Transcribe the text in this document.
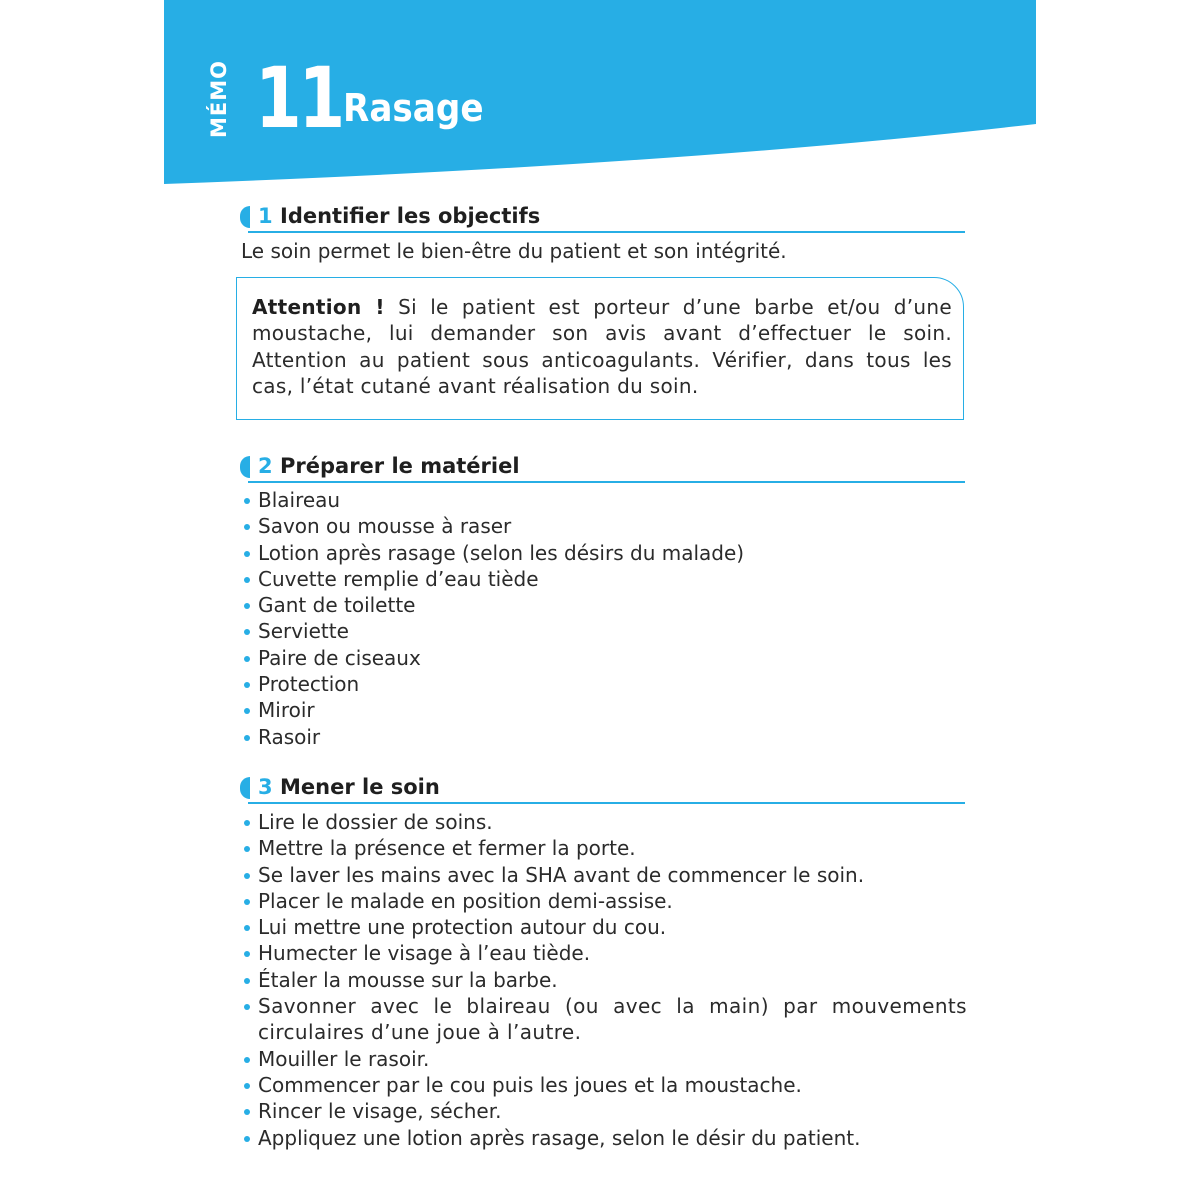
MÉMO 11 Rasage
1 Identifier les objectifs
Le soin permet le bien-être du patient et son intégrité.
Attention ! Si le patient est porteur d’une barbe et/ou d’une moustache, lui demander son avis avant d’effectuer le soin. Attention au patient sous anticoagulants. Vérifier, dans tous les cas, l’état cutané avant réalisation du soin.
2 Préparer le matériel
Blaireau
Savon ou mousse à raser
Lotion après rasage (selon les désirs du malade)
Cuvette remplie d’eau tiède
Gant de toilette
Serviette
Paire de ciseaux
Protection
Miroir
Rasoir
3 Mener le soin
Lire le dossier de soins.
Mettre la présence et fermer la porte.
Se laver les mains avec la SHA avant de commencer le soin.
Placer le malade en position demi-assise.
Lui mettre une protection autour du cou.
Humecter le visage à l’eau tiède.
Étaler la mousse sur la barbe.
Savonner avec le blaireau (ou avec la main) par mouvements circulaires d’une joue à l’autre.
Mouiller le rasoir.
Commencer par le cou puis les joues et la moustache.
Rincer le visage, sécher.
Appliquez une lotion après rasage, selon le désir du patient.
